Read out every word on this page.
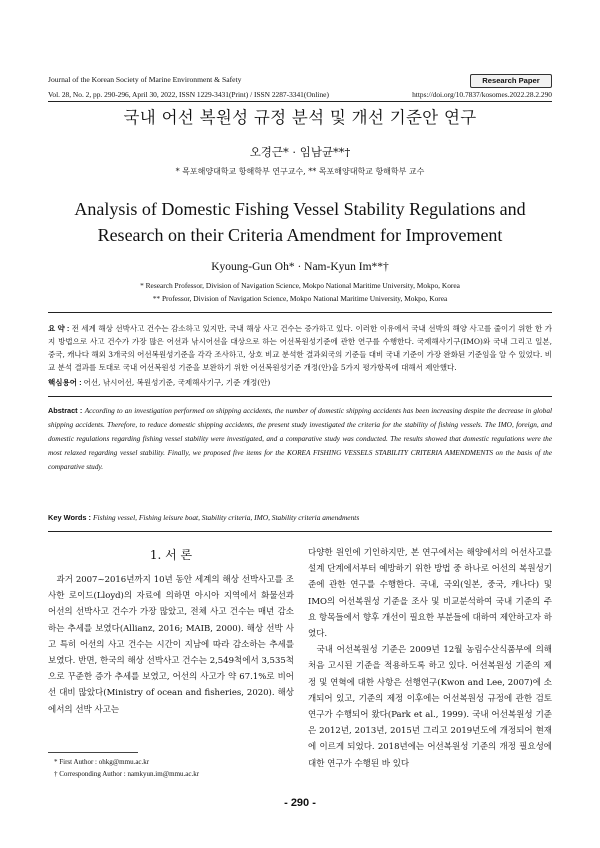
Journal of the Korean Society of Marine Environment & Safety	Research Paper
Vol. 28, No. 2, pp. 290-296, April 30, 2022, ISSN 1229-3431(Print) / ISSN 2287-3341(Online)	https://doi.org/10.7837/kosomes.2022.28.2.290
국내 어선 복원성 규정 분석 및 개선 기준안 연구
오경근* · 임남균**†
* 목포해양대학교 항해학부 연구교수, ** 목포해양대학교 항해학부 교수
Analysis of Domestic Fishing Vessel Stability Regulations and
Research on their Criteria Amendment for Improvement
Kyoung-Gun Oh* · Nam-Kyun Im**†
* Research Professor, Division of Navigation Science, Mokpo National Maritime University, Mokpo, Korea
** Professor, Division of Navigation Science, Mokpo National Maritime University, Mokpo, Korea
요 약 : 전 세계 해상 선박사고 건수는 감소하고 있지만, 국내 해상 사고 건수는 증가하고 있다. 이러한 이유에서 국내 선박의 해양 사고를 줄이기 위한 한 가지 방법으로 사고 건수가 가장 많은 어선과 낚시어선을 대상으로 하는 어선복원성기준에 관한 연구를 수행한다. 국제해사기구(IMO)와 국내 그리고 일본, 중국, 캐나다 해외 3개국의 어선복원성기준을 각각 조사하고, 상호 비교 분석한 결과외국의 기준들 대비 국내 기준이 가장 완화된 기준임을 알 수 있었다. 비교 분석 결과를 토대로 국내 어선복원성 기준을 보완하기 위한 어선복원성기준 개정(안)을 5가지 평가항목에 대해서 제안했다.
핵심용어 : 어선, 낚시어선, 복원성기준, 국제해사기구, 기준 개정(안)
Abstract : According to an investigation performed on shipping accidents, the number of domestic shipping accidents has been increasing despite the decrease in global shipping accidents. Therefore, to reduce domestic shipping accidents, the present study investigated the criteria for the stability of fishing vessels. The IMO, foreign, and domestic regulations regarding fishing vessel stability were investigated, and a comparative study was conducted. The results showed that domestic regulations were the most relaxed regarding vessel stability. Finally, we proposed five items for the KOREA FISHING VESSELS STABILITY CRITERIA AMENDMENTS on the basis of the comparative study.
Key Words : Fishing vessel, Fishing leisure boat, Stability criteria, IMO, Stability criteria amendments
1. 서 론

과거 2007~2016년까지 10년 동안 세계의 해상 선박사고를 조사한 로이드(Lloyd)의 자료에 의하면 아시아 지역에서 화물선과 어선의 선박사고 건수가 가장 많았고, 전체 사고 건수는 매년 감소하는 추세를 보였다(Allianz, 2016; MAIB, 2000). 해상 선박 사고 특히 어선의 사고 건수는 시간이 지남에 따라 감소하는 추세를 보였다. 반면, 한국의 해상 선박사고 건수는 2,549척에서 3,535척으로 꾸준한 증가 추세를 보였고, 어선의 사고가 약 67.1%로 비어선 대비 많았다(Ministry of ocean and fisheries, 2020). 해상에서의 선박 사고는

다양한 원인에 기인하지만, 본 연구에서는 해양에서의 어선사고를 설계 단계에서부터 예방하기 위한 방법 중 하나로 어선의 복원성기준에 관한 연구를 수행한다. 국내, 국외(일본, 중국, 캐나다) 및 IMO의 어선복원성 기준을 조사 및 비교분석하여 국내 기준의 주요 항목들에서 향후 개선이 필요한 부분들에 대하여 제안하고자 하였다.

국내 어선복원성 기준은 2009년 12월 농림수산식품부에 의해 처음 고시된 기준을 적용하도록 하고 있다. 어선복원성 기준의 제정 및 연혁에 대한 사항은 선행연구(Kwon and Lee, 2007)에 소개되어 있고, 기준의 제정 이후에는 어선복원성 규정에 관한 검토 연구가 수행되어 왔다(Park et al., 1999). 국내 어선복원성 기준은 2012년, 2013년, 2015년 그리고 2019년도에 개정되어 현재에 이르게 되었다. 2018년에는 어선복원성 기준의 개정 필요성에 대한 연구가 수행된 바 있다

* First Author : ohkg@mmu.ac.kr
† Corresponding Author : namkyun.im@mmu.ac.kr
- 290 -
